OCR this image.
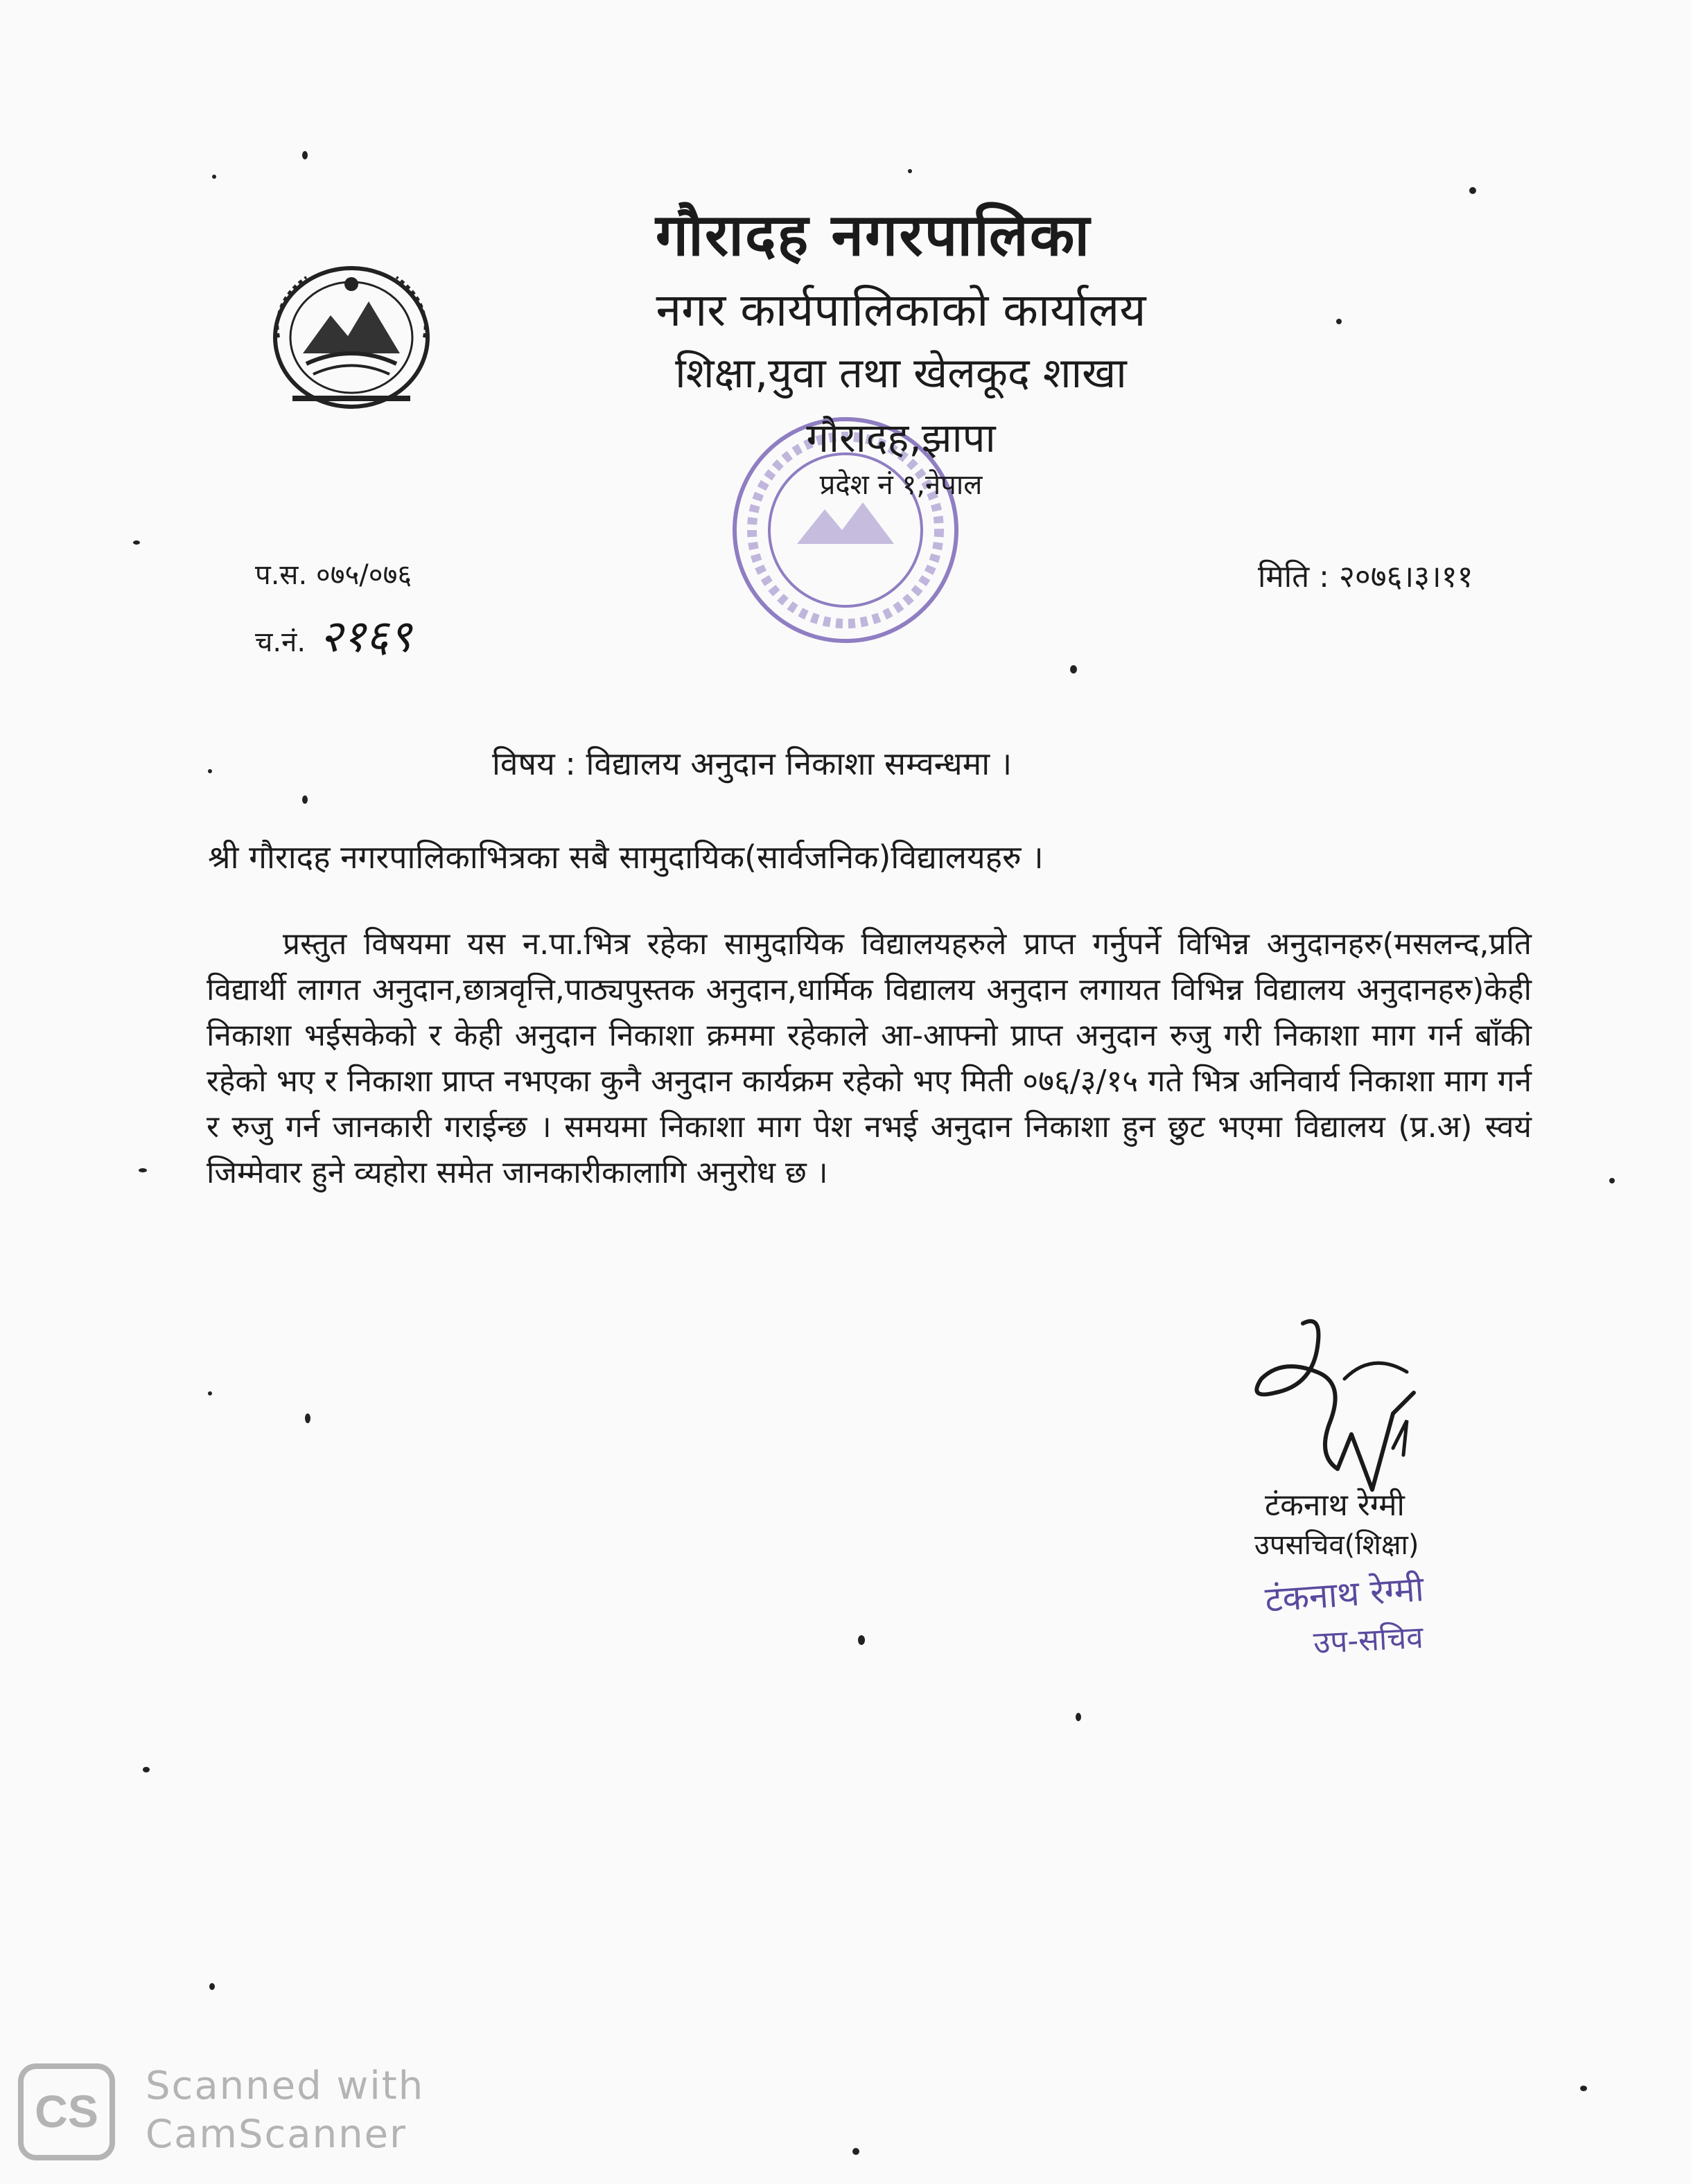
गौरादह नगरपालिका
नगर कार्यपालिकाको कार्यालय
शिक्षा,युवा तथा खेलकूद शाखा
गौरादह,झापा
प्रदेश नं १,नेपाल
प.स. ०७५/०७६
च.नं. २१६९
मिति : २०७६।३।११
विषय : विद्यालय अनुदान निकाशा सम्वन्धमा ।
श्री गौरादह नगरपालिकाभित्रका सबै सामुदायिक(सार्वजनिक)विद्यालयहरु ।
प्रस्तुत विषयमा यस न.पा.भित्र रहेका सामुदायिक विद्यालयहरुले प्राप्त गर्नुपर्ने विभिन्न अनुदानहरु(मसलन्द,प्रति विद्यार्थी लागत अनुदान,छात्रवृत्ति,पाठ्यपुस्तक अनुदान,धार्मिक विद्यालय अनुदान लगायत विभिन्न विद्यालय अनुदानहरु)केही निकाशा भईसकेको र केही अनुदान निकाशा क्रममा रहेकाले आ-आफ्नो प्राप्त अनुदान रुजु गरी निकाशा माग गर्न बाँकी रहेको भए र निकाशा प्राप्त नभएका कुनै अनुदान कार्यक्रम रहेको भए मिती ०७६/३/१५ गते भित्र अनिवार्य निकाशा माग गर्न र रुजु गर्न जानकारी गराईन्छ । समयमा निकाशा माग पेश नभई अनुदान निकाशा हुन छुट भएमा विद्यालय (प्र.अ) स्वयं जिम्मेवार हुने व्यहोरा समेत जानकारीकालागि अनुरोध छ ।
टंकनाथ रेग्मी
उपसचिव(शिक्षा)
टंकनाथ रेग्मी
उप-सचिव
CS Scanned with
CamScanner
